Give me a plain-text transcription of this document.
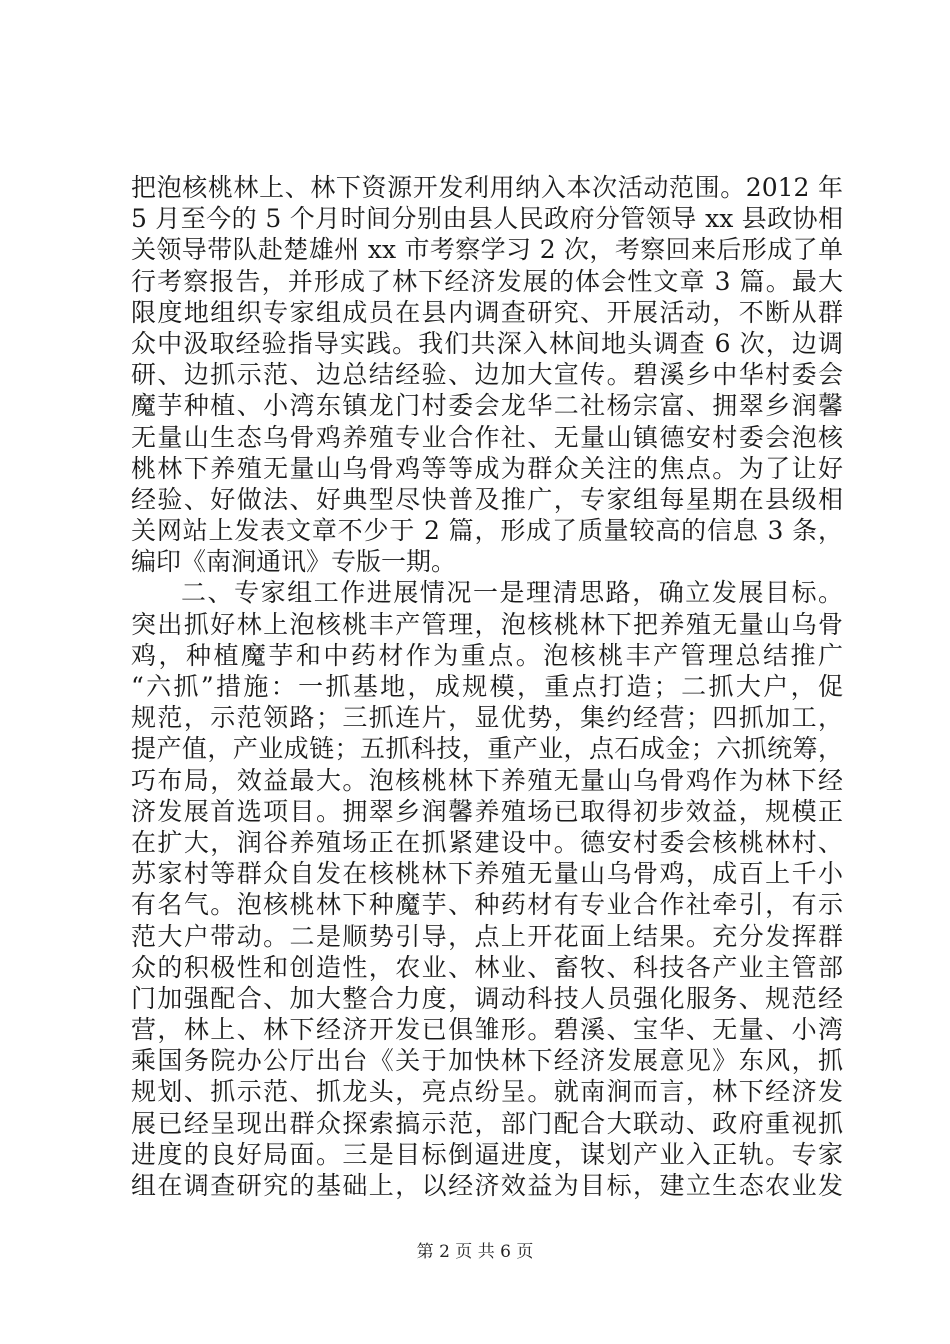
把泡核桃林上、林下资源开发利用纳入本次活动范围。2012 年
5 月至今的 5 个月时间分别由县人民政府分管领导 xx 县政协相
关领导带队赴楚雄州 xx 市考察学习 2 次，考察回来后形成了单
行考察报告，并形成了林下经济发展的体会性文章 3 篇。最大
限度地组织专家组成员在县内调查研究、开展活动，不断从群
众中汲取经验指导实践。我们共深入林间地头调查 6 次，边调
研、边抓示范、边总结经验、边加大宣传。碧溪乡中华村委会
魔芋种植、小湾东镇龙门村委会龙华二社杨宗富、拥翠乡润馨
无量山生态乌骨鸡养殖专业合作社、无量山镇德安村委会泡核
桃林下养殖无量山乌骨鸡等等成为群众关注的焦点。为了让好
经验、好做法、好典型尽快普及推广，专家组每星期在县级相
关网站上发表文章不少于 2 篇，形成了质量较高的信息 3 条，
编印《南涧通讯》专版一期。
二、专家组工作进展情况一是理清思路，确立发展目标。
突出抓好林上泡核桃丰产管理，泡核桃林下把养殖无量山乌骨
鸡，种植魔芋和中药材作为重点。泡核桃丰产管理总结推广
“六抓”措施：一抓基地，成规模，重点打造；二抓大户，促
规范，示范领路；三抓连片，显优势，集约经营；四抓加工，
提产值，产业成链；五抓科技，重产业，点石成金；六抓统筹，
巧布局，效益最大。泡核桃林下养殖无量山乌骨鸡作为林下经
济发展首选项目。拥翠乡润馨养殖场已取得初步效益，规模正
在扩大，润谷养殖场正在抓紧建设中。德安村委会核桃林村、
苏家村等群众自发在核桃林下养殖无量山乌骨鸡，成百上千小
有名气。泡核桃林下种魔芋、种药材有专业合作社牵引，有示
范大户带动。二是顺势引导，点上开花面上结果。充分发挥群
众的积极性和创造性，农业、林业、畜牧、科技各产业主管部
门加强配合、加大整合力度，调动科技人员强化服务、规范经
营，林上、林下经济开发已俱雏形。碧溪、宝华、无量、小湾
乘国务院办公厅出台《关于加快林下经济发展意见》东风，抓
规划、抓示范、抓龙头，亮点纷呈。就南涧而言，林下经济发
展已经呈现出群众探索搞示范，部门配合大联动、政府重视抓
进度的良好局面。三是目标倒逼进度，谋划产业入正轨。专家
组在调查研究的基础上，以经济效益为目标，建立生态农业发
第 2 页 共 6 页
